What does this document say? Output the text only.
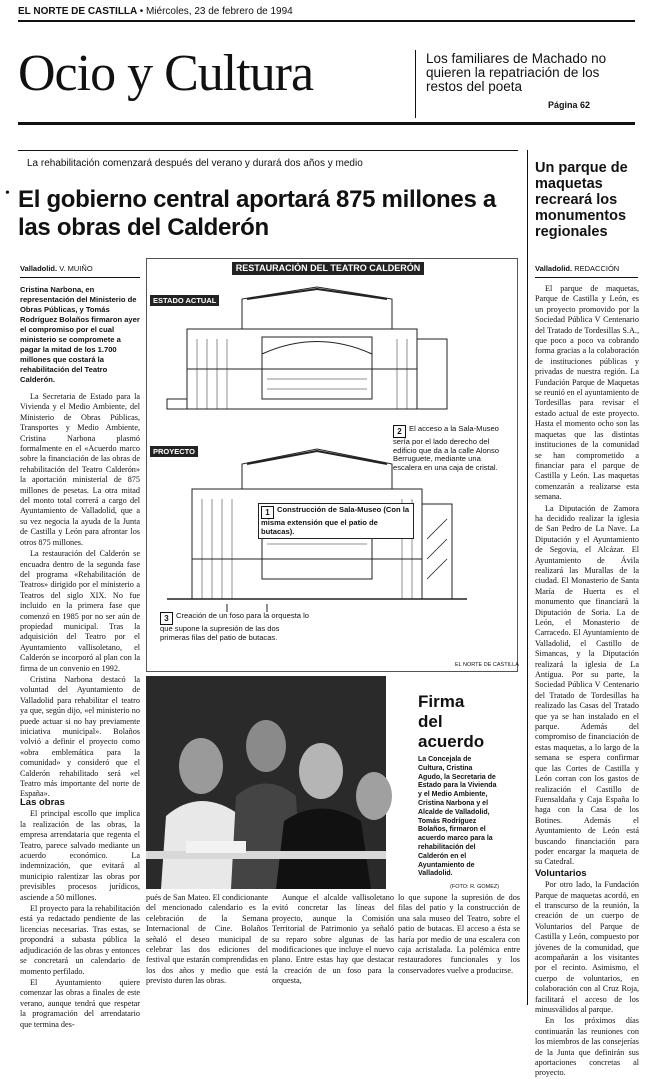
EL NORTE DE CASTILLA • Miércoles, 23 de febrero de 1994
Ocio y Cultura	Los familiares de Machado no quieren la repatriación de los restos del poeta
Página 62
La rehabilitación comenzará después del verano y durará dos años y medio
• El gobierno central aportará 875 millones a las obras del Calderón
Valladolid. V. MUIÑO
Cristina Narbona, en representación del Ministerio de Obras Públicas, y Tomás Rodríguez Bolaños firmaron ayer el compromiso por el cual ministerio se compromete a pagar la mitad de los 1.700 millones que costará la rehabilitación del Teatro Calderón.

La Secretaria de Estado para la Vivienda y el Medio Ambiente, del Ministerio de Obras Públicas, Transportes y Medio Ambiente, Cristina Narbona plasmó formalmente en el «Acuerdo marco sobre la financiación de las obras de rehabilitación del Teatro Calderón» la aportación ministerial de 875 millones de pesetas. La otra mitad del monto total correrá a cargo del Ayuntamiento de Valladolid, que a su vez negocia la ayuda de la Junta de Castilla y León para afrontar los otros 875 millones.

La restauración del Calderón se encuadra dentro de la segunda fase del programa «Rehabilitación de Teatros» dirigido por el ministerio a Teatros del siglo XIX. No fue incluido en la primera fase que comenzó en 1985 por no ser aún de propiedad municipal. Tras la adquisición del Teatro por el Ayuntamiento vallisoletano, el Calderón se incorporó al plan con la firma de un convenio en 1992.

Cristina Narbona destacó la voluntad del Ayuntamiento de Valladolid para rehabilitar el teatro ya que, según dijo, «el ministerio no puede actuar si no hay previamente iniciativa municipal». Bolaños volvió a definir el proyecto como «obra emblemática para la comunidad» y consideró que el Calderón rehabilitado será «el Teatro más importante del norte de España».

Las obras

El principal escollo que implica la realización de las obras, la empresa arrendataria que regenta el Teatro, parece salvado mediante un acuerdo económico. La indemnización, que evitará al municipio ralentizar las obras por previsibles procesos jurídicos, asciende a 50 millones.

El proyecto para la rehabilitación está ya redactado pendiente de las licencias necesarias. Tras estas, se propondrá a subasta pública la adjudicación de las obras y entonces se concretará un calendario de momento perfilado.

El Ayuntamiento quiere comenzar las obras a finales de este verano, aunque tendrá que respetar la programación del arrendatario que termina des-

RESTAURACIÓN DEL TEATRO CALDERÓN
ESTADO ACTUAL
PROYECTO
2 El acceso a la Sala-Museo sería por el lado derecho del edificio que da a la calle Alonso Berruguete, mediante una escalera en una caja de cristal.
1 Construcción de Sala-Museo (Con la misma extensión que el patio de butacas).
3 Creación de un foso para la orquesta lo que supone la supresión de las dos primeras filas del patio de butacas.
EL NORTE DE CASTILLA
Firma del acuerdo
La Concejala de Cultura, Cristina Agudo, la Secretaria de Estado para la Vivienda y el Medio Ambiente, Cristina Narbona y el Alcalde de Valladolid, Tomás Rodríguez Bolaños, firmaron el acuerdo marco para la rehabilitación del Calderón en el Ayuntamiento de Valladolid.
(FOTO: R. GOMEZ)

pués de San Mateo. El condicionante del mencionado calendario es la celebración de la Semana Internacional de Cine. Bolaños señaló el deseo municipal de celebrar las dos ediciones del festival que estarán comprendidas en los dos años y medio que está previsto duren las obras.

Aunque el alcalde vallisoletano evitó concretar las líneas del proyecto, aunque la Comisión Territorial de Patrimonio ya señaló su reparo sobre algunas de las modificaciones que incluye el nuevo plano. Entre estas hay que destacar la creación de un foso para la orquesta,

lo que supone la supresión de dos filas del patio y la construcción de una sala museo del Teatro, sobre el patio de butacas. El acceso a ésta se haría por medio de una escalera con caja acristalada. La polémica entre restauradores funcionales y los conservadores vuelve a producirse.

Un parque de maquetas recreará los monumentos regionales
Valladolid. REDACCIÓN

El parque de maquetas, Parque de Castilla y León, es un proyecto promovido por la Sociedad Pública V Centenario del Tratado de Tordesillas S.A., que poco a poco va cobrando forma gracias a la colaboración de instituciones públicas y privadas de nuestra región. La Fundación Parque de Maquetas se reunió en el ayuntamiento de Tordesillas para revisar el estado actual de este proyecto. Hasta el momento ocho son las maquetas que las distintas instituciones de la comunidad se han comprometido a financiar para el parque de Castilla y León. Las maquetas comenzarán a realizarse esta semana.

La Diputación de Zamora ha decidido realizar la iglesia de San Pedro de La Nave. La Diputación y el Ayuntamiento de Segovia, el Alcázar. El Ayuntamiento de Ávila realizará las Murallas de la ciudad. El Monasterio de Santa María de Huerta es el monumento que financiará la Diputación de Soria. La de León, el Monasterio de Carracedo. El Ayuntamiento de Valladolid, el Castillo de Simancas, y la Diputación realizará la iglesia de La Antigua. Por su parte, la Sociedad Pública V Centenario del Tratado de Tordesillas ha realizado las Casas del Tratado que ya se han instalado en el parque. Además del compromiso de financiación de estas maquetas, a lo largo de la semana se espera confirmar que las Cortes de Castilla y León corran con los gastos de realización el Castillo de Fuensaldaña y Caja España lo haga con la Casa de los Botines. Además el Ayuntamiento de León está buscando financiación para poder encargar la maqueta de su Catedral.

Voluntarios

Por otro lado, la Fundación Parque de maquetas acordó, en el transcurso de la reunión, la creación de un cuerpo de Voluntarios del Parque de Castilla y León, compuesto por jóvenes de la comunidad, que acompañarán a los visitantes por el recinto. Asimismo, el cuerpo de voluntarios, en colaboración con al Cruz Roja, facilitará el acceso de los minusválidos al parque.

En los próximos días continuarán las reuniones con los miembros de las consejerías de la Junta que definirán sus aportaciones concretas al proyecto.
